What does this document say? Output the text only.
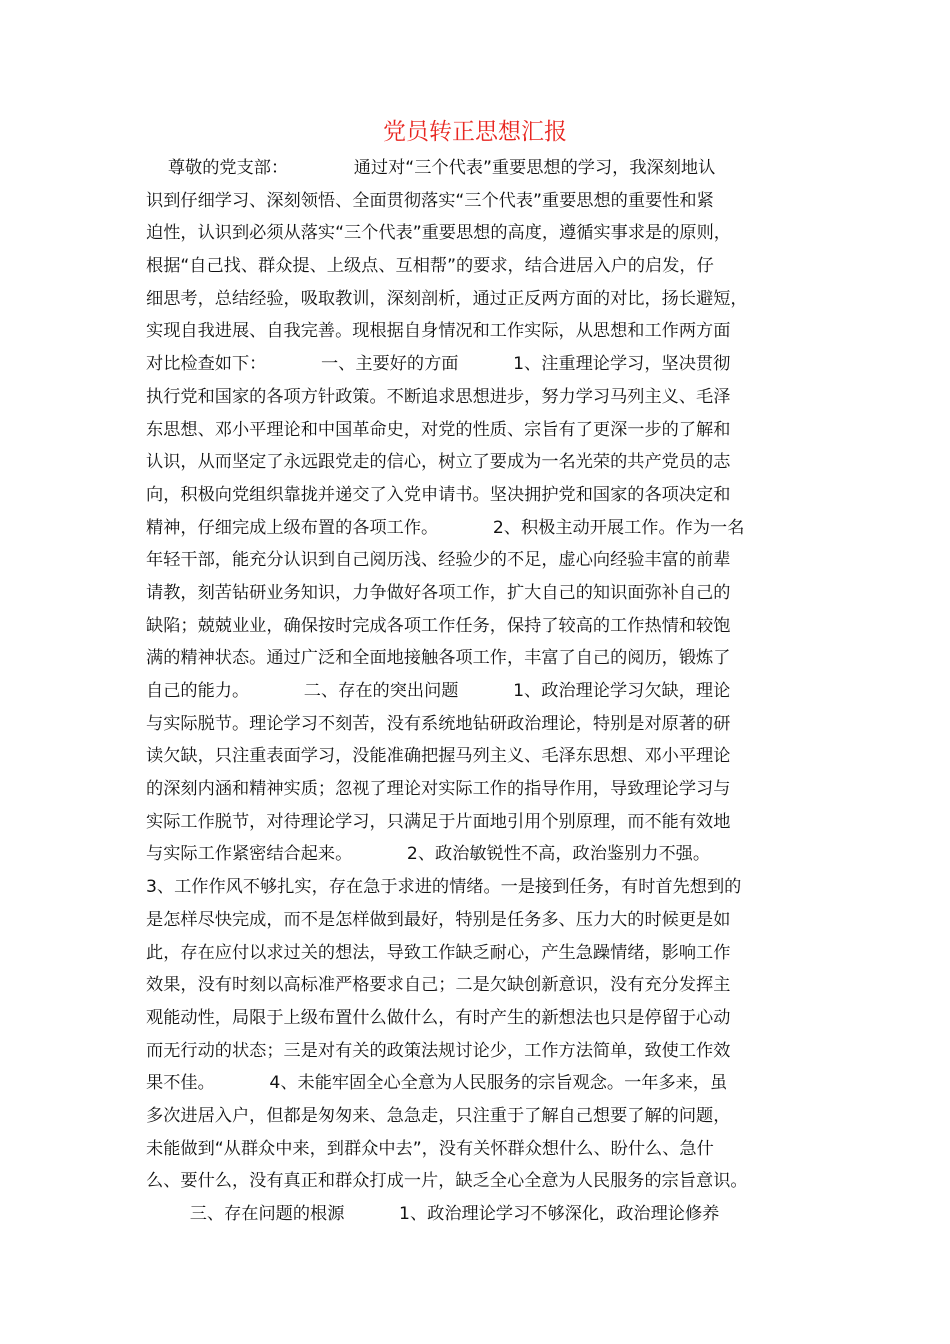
党员转正思想汇报
尊敬的党支部：            通过对“三个代表”重要思想的学习，我深刻地认
识到仔细学习、深刻领悟、全面贯彻落实“三个代表”重要思想的重要性和紧
迫性，认识到必须从落实“三个代表”重要思想的高度，遵循实事求是的原则，
根据“自己找、群众提、上级点、互相帮”的要求，结合进居入户的启发，仔
细思考，总结经验，吸取教训，深刻剖析，通过正反两方面的对比，扬长避短，
实现自我进展、自我完善。现根据自身情况和工作实际，从思想和工作两方面
对比检查如下：          一、主要好的方面          1、注重理论学习，坚决贯彻
执行党和国家的各项方针政策。不断追求思想进步，努力学习马列主义、毛泽
东思想、邓小平理论和中国革命史，对党的性质、宗旨有了更深一步的了解和
认识，从而坚定了永远跟党走的信心，树立了要成为一名光荣的共产党员的志
向，积极向党组织靠拢并递交了入党申请书。坚决拥护党和国家的各项决定和
精神，仔细完成上级布置的各项工作。          2、积极主动开展工作。作为一名
年轻干部，能充分认识到自己阅历浅、经验少的不足，虚心向经验丰富的前辈
请教，刻苦钻研业务知识，力争做好各项工作，扩大自己的知识面弥补自己的
缺陷；兢兢业业，确保按时完成各项工作任务，保持了较高的工作热情和较饱
满的精神状态。通过广泛和全面地接触各项工作，丰富了自己的阅历，锻炼了
自己的能力。          二、存在的突出问题          1、政治理论学习欠缺，理论
与实际脱节。理论学习不刻苦，没有系统地钻研政治理论，特别是对原著的研
读欠缺，只注重表面学习，没能准确把握马列主义、毛泽东思想、邓小平理论
的深刻内涵和精神实质；忽视了理论对实际工作的指导作用，导致理论学习与
实际工作脱节，对待理论学习，只满足于片面地引用个别原理，而不能有效地
与实际工作紧密结合起来。          2、政治敏锐性不高，政治鉴别力不强。
3、工作作风不够扎实，存在急于求进的情绪。一是接到任务，有时首先想到的
是怎样尽快完成，而不是怎样做到最好，特别是任务多、压力大的时候更是如
此，存在应付以求过关的想法，导致工作缺乏耐心，产生急躁情绪，影响工作
效果，没有时刻以高标准严格要求自己；二是欠缺创新意识，没有充分发挥主
观能动性，局限于上级布置什么做什么，有时产生的新想法也只是停留于心动
而无行动的状态；三是对有关的政策法规讨论少，工作方法简单，致使工作效
果不佳。          4、未能牢固全心全意为人民服务的宗旨观念。一年多来，虽
多次进居入户，但都是匆匆来、急急走，只注重于了解自己想要了解的问题，
未能做到“从群众中来，到群众中去”，没有关怀群众想什么、盼什么、急什
么、要什么，没有真正和群众打成一片，缺乏全心全意为人民服务的宗旨意识。
三、存在问题的根源          1、政治理论学习不够深化，政治理论修养
